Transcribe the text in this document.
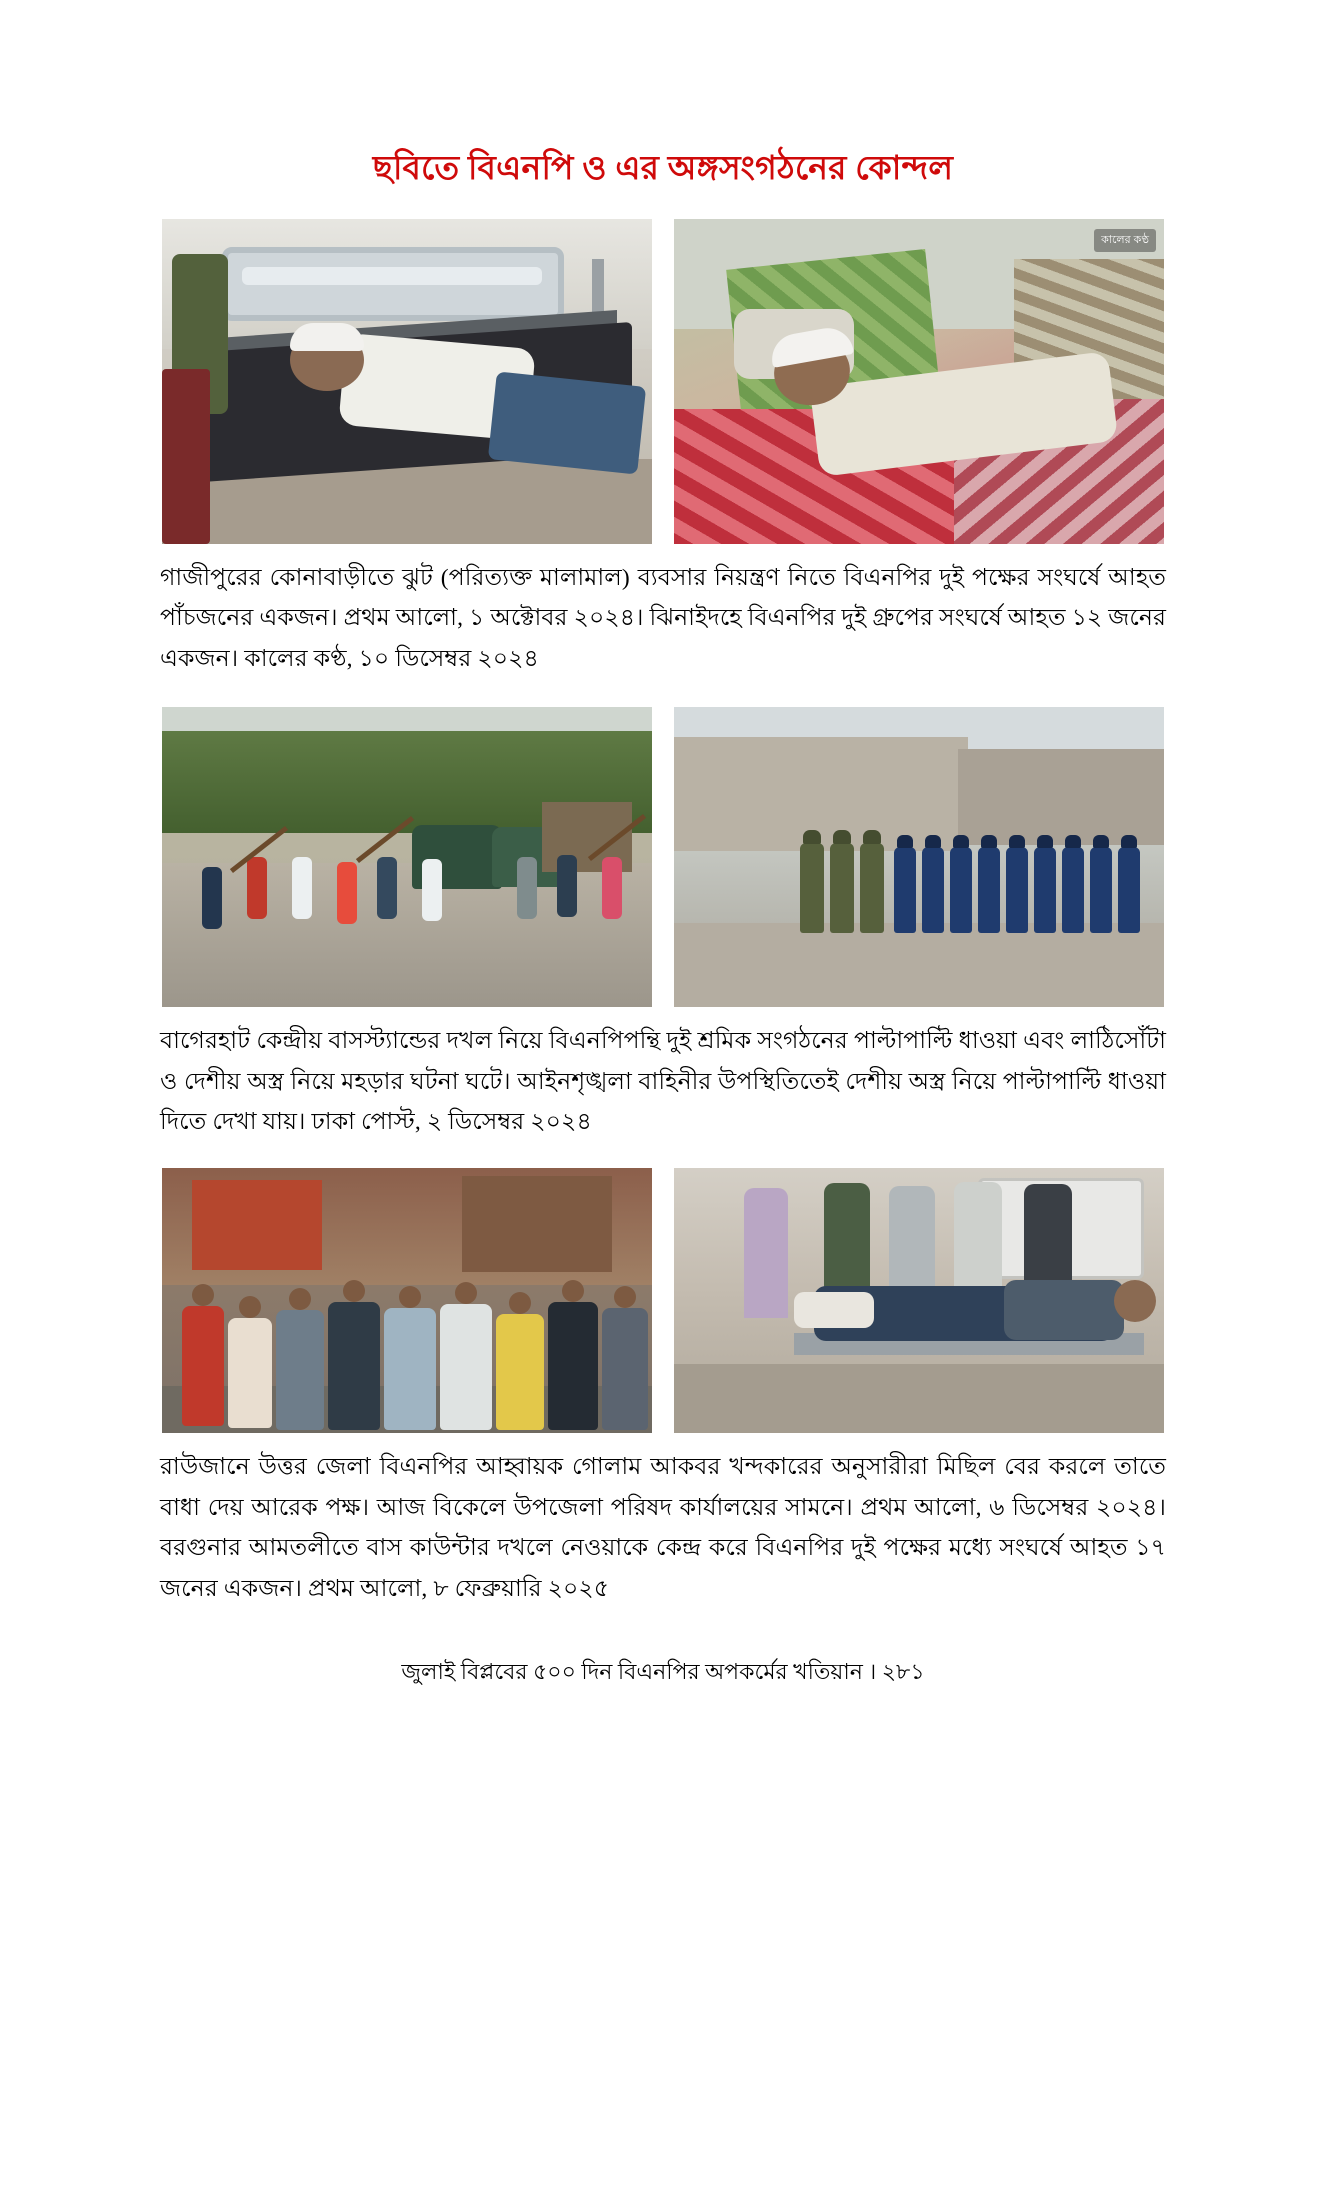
ছবিতে বিএনপি ও এর অঙ্গসংগঠনের কোন্দল
কালের কণ্ঠ

গাজীপুরের কোনাবাড়ীতে ঝুট (পরিত্যক্ত মালামাল) ব্যবসার নিয়ন্ত্রণ নিতে বিএনপির দুই পক্ষের সংঘর্ষে আহত পাঁচজনের একজন। প্রথম আলো, ১ অক্টোবর ২০২৪। ঝিনাইদহে বিএনপির দুই গ্রুপের সংঘর্ষে আহত ১২ জনের একজন। কালের কণ্ঠ, ১০ ডিসেম্বর ২০২৪

বাগেরহাট কেন্দ্রীয় বাসস্ট্যান্ডের দখল নিয়ে বিএনপিপন্থি দুই শ্রমিক সংগঠনের পাল্টাপাল্টি ধাওয়া এবং লাঠিসোঁটা ও দেশীয় অস্ত্র নিয়ে মহড়ার ঘটনা ঘটে। আইনশৃঙ্খলা বাহিনীর উপস্থিতিতেই দেশীয় অস্ত্র নিয়ে পাল্টাপাল্টি ধাওয়া দিতে দেখা যায়। ঢাকা পোস্ট, ২ ডিসেম্বর ২০২৪

রাউজানে উত্তর জেলা বিএনপির আহ্বায়ক গোলাম আকবর খন্দকারের অনুসারীরা মিছিল বের করলে তাতে বাধা দেয় আরেক পক্ষ। আজ বিকেলে উপজেলা পরিষদ কার্যালয়ের সামনে। প্রথম আলো, ৬ ডিসেম্বর ২০২৪। বরগুনার আমতলীতে বাস কাউন্টার দখলে নেওয়াকে কেন্দ্র করে বিএনপির দুই পক্ষের মধ্যে সংঘর্ষে আহত ১৭ জনের একজন। প্রথম আলো, ৮ ফেব্রুয়ারি ২০২৫

জুলাই বিপ্লবের ৫০০ দিন বিএনপির অপকর্মের খতিয়ান । ২৮১
